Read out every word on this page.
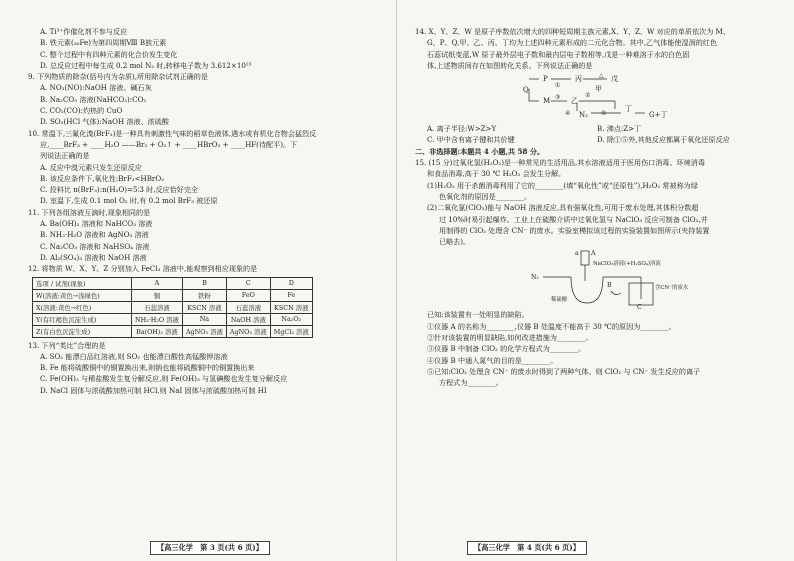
A. Ti³⁺作催化剂不参与反应
B. 铁元素(₂₆Fe)为第四周期Ⅷ B族元素
C. 整个过程中有四种元素的化合价发生变化
D. 总反应过程中每生成 0.2 mol N₂ 时,转移电子数为 3.612×10²³
9. 下列物质的除杂(括号内为杂质),所用除杂试剂正确的是
A. NO₂(NO):NaOH 溶液、碱石灰
B. Na₂CO₃ 溶液(NaHCO₃):CO₂
C. CO₂(CO):灼热的 CuO
D. SO₂(HCl 气体):NaOH 溶液、浓硫酸
10. 常温下,三氟化溴(BrF₃)是一种具有刺激性气味的稻草色液体,遇水或有机化合物会猛烈反
应,____BrF₃ + ____H₂O ——Br₂ + O₂↑ + ____HBrO₃ + ____HF(待配平)。下
列说法正确的是
A. 反应中溴元素只发生还原反应
B. 该反应条件下,氧化性:BrF₃<HBrO₃
C. 投料比 n(BrF₃):n(H₂O)=5∶3 时,反应恰好完全
D. 室温下,生成 0.1 mol O₂ 时,有 0.2 mol BrF₃ 被还原
11. 下列各组溶液互滴时,现象相同的是
A. Ba(OH)₂ 溶液和 NaHCO₃ 溶液
B. NH₃·H₂O 溶液和 AgNO₃ 溶液
C. Na₂CO₃ 溶液和 NaHSO₄ 溶液
D. Al₂(SO₄)₃ 溶液和 NaOH 溶液
12. 将物质 W、X、Y、Z 分别加入 FeCl₃ 溶液中,能观察到相应现象的是
选项 / 试剂(现象)	A	B	C	D
W(溶液:黄色→浅绿色)	铜	铁粉	FeO	Fe
X(溶液:黄色→红色)	石蕊溶液	KSCN 溶液	石蕊溶液	KSCN 溶液
Y(有红褐色沉淀生成)	NH₃·H₂O 溶液	Na	NaOH 溶液	Na₂O₂
Z(有白色沉淀生成)	Ba(OH)₂ 溶液	AgNO₃ 溶液	AgNO₃ 溶液	MgCl₂ 溶液
13. 下列“类比”合理的是
A. SO₂ 能漂白品红溶液,则 SO₂ 也能漂白酸性高锰酸钾溶液
B. Fe 能将硫酸铜中的铜置换出来,则钠也能将硫酸铜中的铜置换出来
C. Fe(OH)₃ 与稀盐酸发生复分解反应,则 Fe(OH)₃ 与氢碘酸也发生复分解反应
D. NaCl 固体与浓硫酸加热可制 HCl,则 NaI 固体与浓硫酸加热可制 HI
【高三化学　第 3 页(共 6 页)】
14. X、Y、Z、W 是原子序数依次增大的四种短周期主族元素,X、Y、Z、W 对应的单质依次为 M、
G、P、Q,甲、乙、丙、丁均为上述四种元素形成的二元化合物。其中,乙气体能使湿润的红色
石蕊试纸变蓝,W 原子最外层电子数和最内层电子数相等,戊是一种难溶于水的白色固
体,上述物质间存在如图转化关系。下列说法正确的是
P
Q
M
丙	戊
甲
乙
N₂
丁
G+丁
①
③	②
④	⑤
△
A. 离子半径:W>Z>Y	B. 沸点:Z>丁
C. 甲中含有离子键和共价键	D. 除①⑤外,其他反应都属于氧化还原反应
二、非选择题:本题共 4 小题,共 58 分。
15. (15 分)过氧化氢(H₂O₂)是一种常见的生活用品,其水溶液适用于医用伤口消毒、环境消毒
和食品消毒,高于 30 ℃ H₂O₂ 会发生分解。
(1)H₂O₂ 用于杀菌消毒利用了它的________(填“氧化性”或“还原性”),H₂O₂ 常被称为绿
色氧化剂的原因是________。
(2)二氧化氯(ClO₂)能与 NaOH 溶液反应,具有强氧化性,可用于废水处理,其体积分数超
过 10%时易引起爆炸。工业上在硫酸介质中过氧化氢与 NaClO₃ 反应可制备 ClO₂,并
用制得的 ClO₂ 处理含 CN⁻ 的废水。实验室模拟该过程的实验装置如图所示(夹持装置
已略去)。
N₂
a A
NaClO₃溶液(+H₂SO₄)溶液
稀硫酸
B	含CN⁻的废水
C
已知:该装置有一处明显的缺陷。
①仪器 A 的名称为________,仪器 B 处温度不能高于 30 ℃的原因为________。
②针对该装置的明显缺陷,如何改进措施为________。
③仪器 B 中制备 ClO₂ 的化学方程式为________。
④仪器 B 中通入氮气的目的是________。
⑤已知:ClO₂ 处理含 CN⁻ 的废水时得到了两种气体。则 ClO₂ 与 CN⁻ 发生反应的离子
方程式为________。
【高三化学　第 4 页(共 6 页)】
